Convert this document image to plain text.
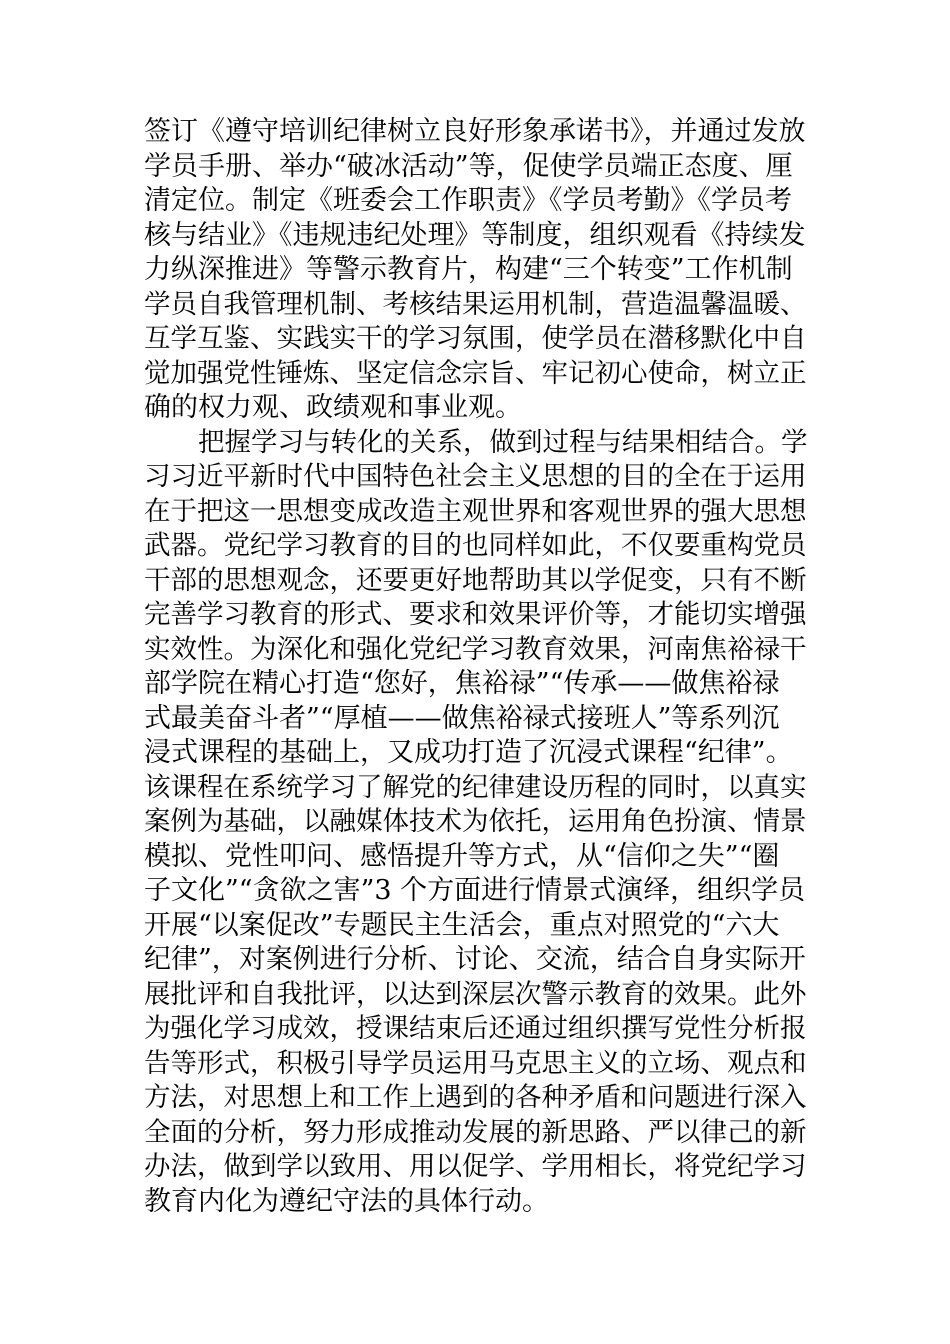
签订《遵守培训纪律树立良好形象承诺书》，并通过发放
学员手册、举办“破冰活动”等，促使学员端正态度、厘
清定位。制定《班委会工作职责》《学员考勤》《学员考
核与结业》《违规违纪处理》等制度，组织观看《持续发
力纵深推进》等警示教育片，构建“三个转变”工作机制
学员自我管理机制、考核结果运用机制，营造温馨温暖、
互学互鉴、实践实干的学习氛围，使学员在潜移默化中自
觉加强党性锤炼、坚定信念宗旨、牢记初心使命，树立正
确的权力观、政绩观和事业观。
把握学习与转化的关系，做到过程与结果相结合。学
习习近平新时代中国特色社会主义思想的目的全在于运用
在于把这一思想变成改造主观世界和客观世界的强大思想
武器。党纪学习教育的目的也同样如此，不仅要重构党员
干部的思想观念，还要更好地帮助其以学促变，只有不断
完善学习教育的形式、要求和效果评价等，才能切实增强
实效性。为深化和强化党纪学习教育效果，河南焦裕禄干
部学院在精心打造“您好，焦裕禄”“传承——做焦裕禄
式最美奋斗者”“厚植——做焦裕禄式接班人”等系列沉
浸式课程的基础上，又成功打造了沉浸式课程“纪律”。
该课程在系统学习了解党的纪律建设历程的同时，以真实
案例为基础，以融媒体技术为依托，运用角色扮演、情景
模拟、党性叩问、感悟提升等方式，从“信仰之失”“圈
子文化”“贪欲之害”3 个方面进行情景式演绎，组织学员
开展“以案促改”专题民主生活会，重点对照党的“六大
纪律”，对案例进行分析、讨论、交流，结合自身实际开
展批评和自我批评，以达到深层次警示教育的效果。此外
为强化学习成效，授课结束后还通过组织撰写党性分析报
告等形式，积极引导学员运用马克思主义的立场、观点和
方法，对思想上和工作上遇到的各种矛盾和问题进行深入
全面的分析，努力形成推动发展的新思路、严以律己的新
办法，做到学以致用、用以促学、学用相长，将党纪学习
教育内化为遵纪守法的具体行动。
